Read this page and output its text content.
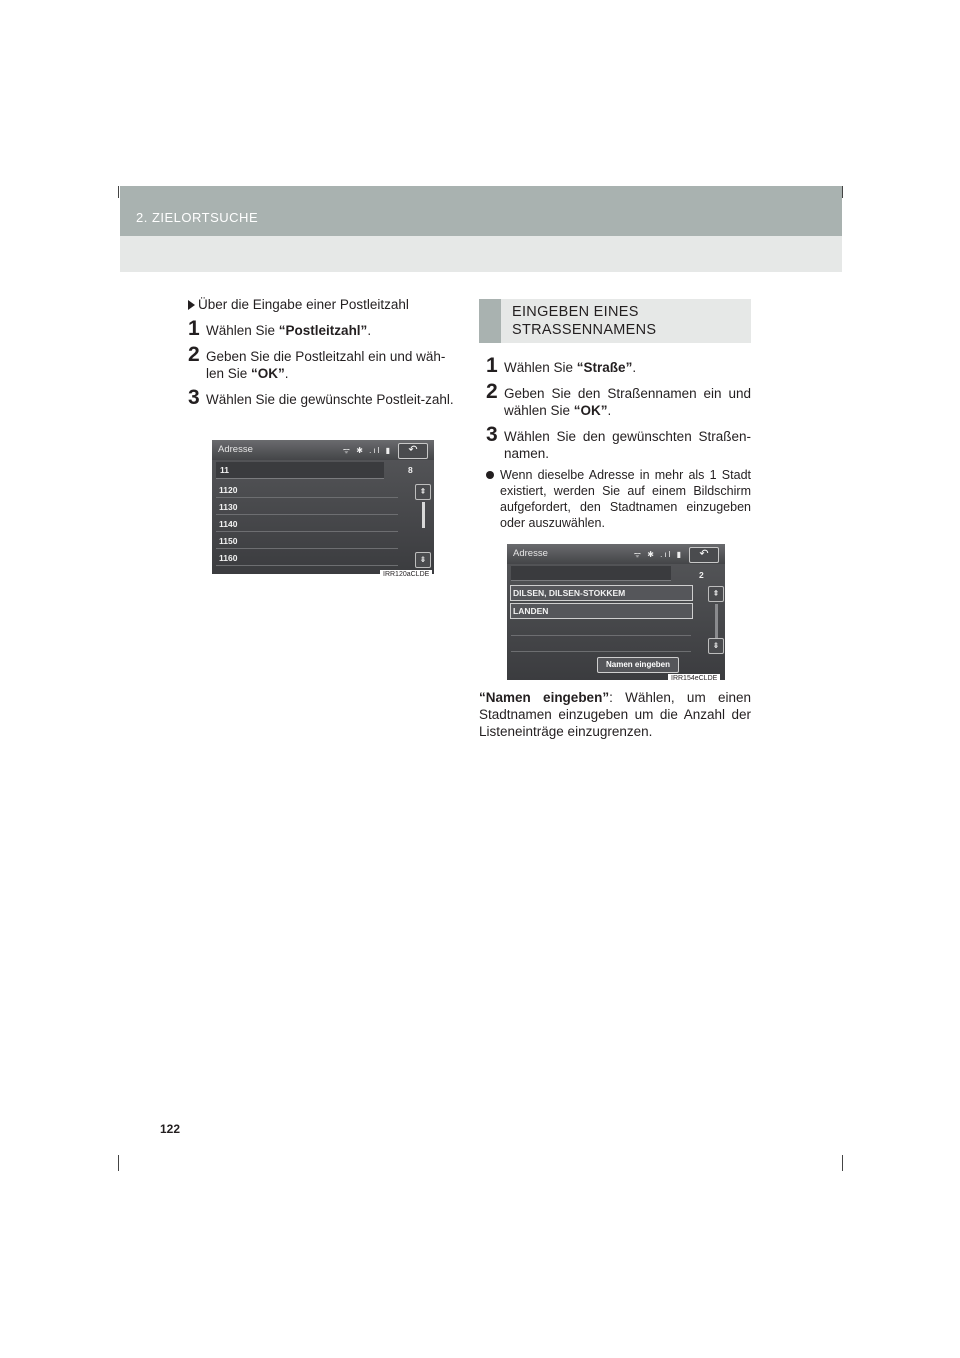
2. ZIELORTSUCHE
Über die Eingabe einer Postleitzahl
1 Wählen Sie “Postleitzahl”.
2 Geben Sie die Postleitzahl ein und wäh-len Sie “OK”.
3 Wählen Sie die gewünschte Postleit-zahl.
Adresse	ᯤ ✱ .ıl ▮	↶
11	8
1120
1130
1140
1150
1160
⇞
⇟
IRR120aCLDE
EINGEBEN EINES
STRASSENNAMENS
1 Wählen Sie “Straße”.
2 Geben Sie den Straßennamen ein und wählen Sie “OK”.
3 Wählen Sie den gewünschten Straßen-namen.
Wenn dieselbe Adresse in mehr als 1 Stadt existiert, werden Sie auf einem Bildschirm aufgefordert, den Stadtnamen einzugeben oder auszuwählen.
Adresse	ᯤ ✱ .ıl ▮	↶
2
DILSEN, DILSEN-STOKKEM
LANDEN
⇞
⇟
Namen eingeben
IRR154eCLDE
“Namen eingeben”: Wählen, um einen Stadtnamen einzugeben um die Anzahl der Listeneinträge einzugrenzen.
122
